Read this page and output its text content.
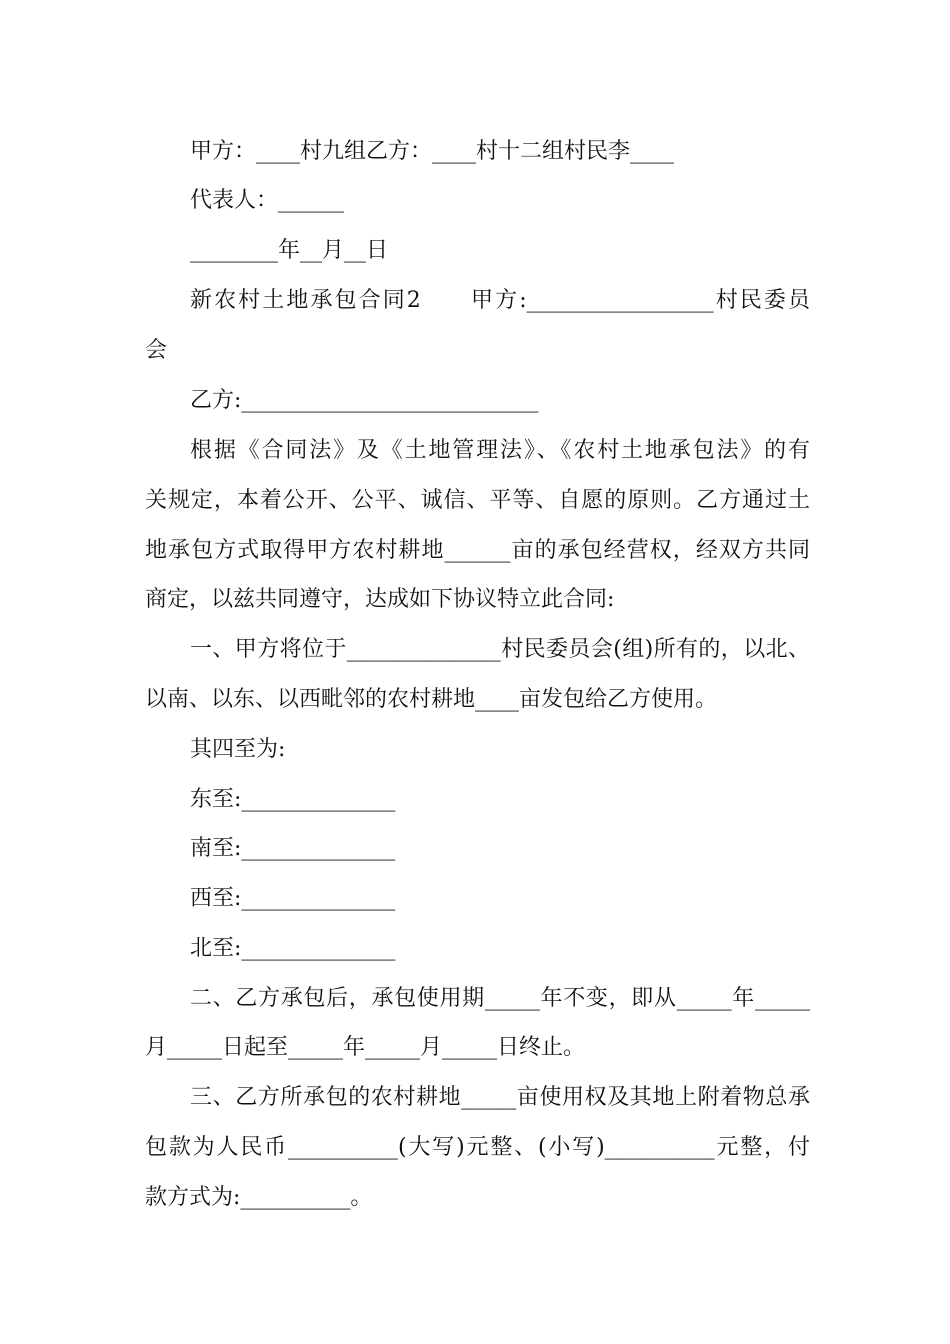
甲方：____村九组乙方：____村十二组村民李____
代表人：______
________年__月__日
新农村土地承包合同2　　甲方:_________________村民委员
会
乙方:___________________________
根据《合同法》及《土地管理法》、《农村土地承包法》的有
关规定，本着公开、公平、诚信、平等、自愿的原则。乙方通过土
地承包方式取得甲方农村耕地______亩的承包经营权，经双方共同
商定，以兹共同遵守，达成如下协议特立此合同:
一、甲方将位于______________村民委员会(组)所有的，以北、
以南、以东、以西毗邻的农村耕地____亩发包给乙方使用。
其四至为:
东至:______________
南至:______________
西至:______________
北至:______________
二、乙方承包后，承包使用期_____年不变，即从_____年_____
月_____日起至_____年_____月_____日终止。
三、乙方所承包的农村耕地_____亩使用权及其地上附着物总承
包款为人民币__________(大写)元整、(小写)__________元整，付
款方式为:__________。
